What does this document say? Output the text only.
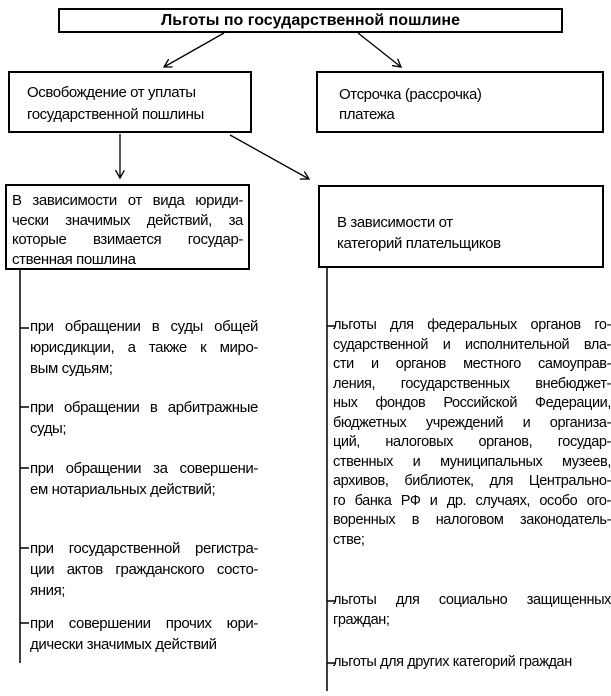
Льготы по государственной пошлине
Освобождение от уплаты
государственной пошлины
Отсрочка (рассрочка)
платежа
В зависимости от вида юриди-
чески значимых действий, за
которые взимается государ-
ственная пошлина
В зависимости от
категорий плательщиков
при обращении в суды общей
юрисдикции, а также к миро-
вым судьям;
при обращении в арбитражные
суды;
при обращении за совершени-
ем нотариальных действий;
при государственной регистра-
ции актов гражданского состо-
яния;
при совершении прочих юри-
дически значимых действий
льготы для федеральных органов го-
сударственной и исполнительной вла-
сти и органов местного самоуправ-
ления, государственных внебюджет-
ных фондов Российской Федерации,
бюджетных учреждений и организа-
ций, налоговых органов, государ-
ственных и муниципальных музеев,
архивов, библиотек, для Центрально-
го банка РФ и др. случаях, особо ого-
воренных в налоговом законодатель-
стве;
льготы для социально защищенных
граждан;
льготы для других категорий граждан
